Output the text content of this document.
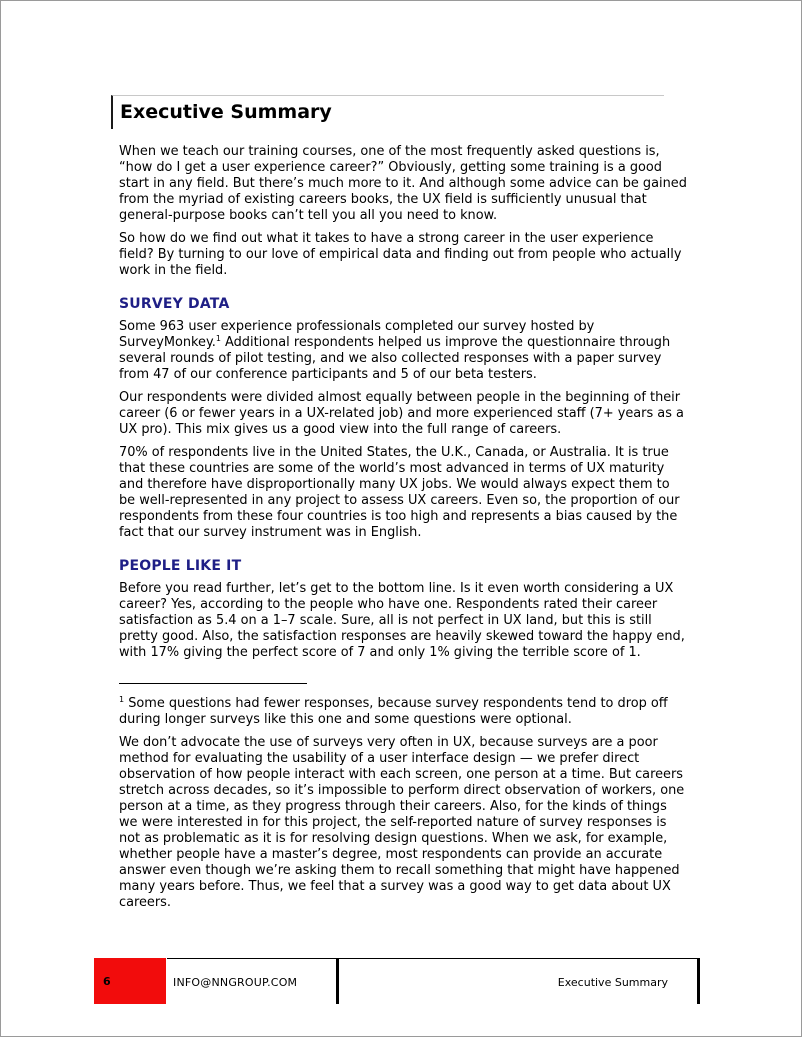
Executive Summary

When we teach our training courses, one of the most frequently asked questions is, “how do I get a user experience career?” Obviously, getting some training is a good start in any field. But there’s much more to it. And although some advice can be gained from the myriad of existing careers books, the UX field is sufficiently unusual that general-purpose books can’t tell you all you need to know.

So how do we find out what it takes to have a strong career in the user experience field? By turning to our love of empirical data and finding out from people who actually work in the field.

SURVEY DATA

Some 963 user experience professionals completed our survey hosted by SurveyMonkey.$^1$ Additional respondents helped us improve the questionnaire through several rounds of pilot testing, and we also collected responses with a paper survey from 47 of our conference participants and 5 of our beta testers.

Our respondents were divided almost equally between people in the beginning of their career (6 or fewer years in a UX-related job) and more experienced staff (7+ years as a UX pro). This mix gives us a good view into the full range of careers.

70% of respondents live in the United States, the U.K., Canada, or Australia. It is true that these countries are some of the world’s most advanced in terms of UX maturity and therefore have disproportionally many UX jobs. We would always expect them to be well-represented in any project to assess UX careers. Even so, the proportion of our respondents from these four countries is too high and represents a bias caused by the fact that our survey instrument was in English.

PEOPLE LIKE IT

Before you read further, let’s get to the bottom line. Is it even worth considering a UX career? Yes, according to the people who have one. Respondents rated their career satisfaction as 5.4 on a 1–7 scale. Sure, all is not perfect in UX land, but this is still pretty good. Also, the satisfaction responses are heavily skewed toward the happy end, with 17% giving the perfect score of 7 and only 1% giving the terrible score of 1.

$^1$ Some questions had fewer responses, because survey respondents tend to drop off during longer surveys like this one and some questions were optional.

We don’t advocate the use of surveys very often in UX, because surveys are a poor method for evaluating the usability of a user interface design — we prefer direct observation of how people interact with each screen, one person at a time. But careers stretch across decades, so it’s impossible to perform direct observation of workers, one person at a time, as they progress through their careers. Also, for the kinds of things we were interested in for this project, the self-reported nature of survey responses is not as problematic as it is for resolving design questions. When we ask, for example, whether people have a master’s degree, most respondents can provide an accurate answer even though we’re asking them to recall something that might have happened many years before. Thus, we feel that a survey was a good way to get data about UX careers.

6	INFO@NNGROUP.COM	Executive Summary
